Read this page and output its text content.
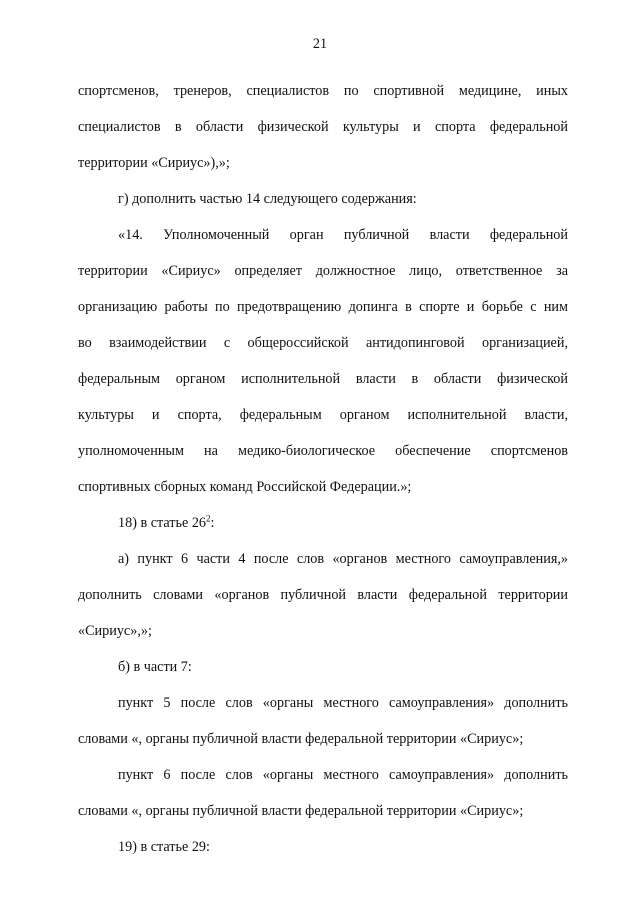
21
спортсменов, тренеров, специалистов по спортивной медицине, иных
специалистов в области физической культуры и спорта федеральной
территории «Сириус»),»;
г) дополнить частью 14 следующего содержания:
«14. Уполномоченный орган публичной власти федеральной
территории «Сириус» определяет должностное лицо, ответственное за
организацию работы по предотвращению допинга в спорте и борьбе с ним
во взаимодействии с общероссийской антидопинговой организацией,
федеральным органом исполнительной власти в области физической
культуры и спорта, федеральным органом исполнительной власти,
уполномоченным на медико-биологическое обеспечение спортсменов
спортивных сборных команд Российской Федерации.»;
18) в статье $26^2$:
а) пункт 6 части 4 после слов «органов местного самоуправления,»
дополнить словами «органов публичной власти федеральной территории
«Сириус»,»;
б) в части 7:
пункт 5 после слов «органы местного самоуправления» дополнить
словами «, органы публичной власти федеральной территории «Сириус»;
пункт 6 после слов «органы местного самоуправления» дополнить
словами «, органы публичной власти федеральной территории «Сириус»;
19) в статье 29:
